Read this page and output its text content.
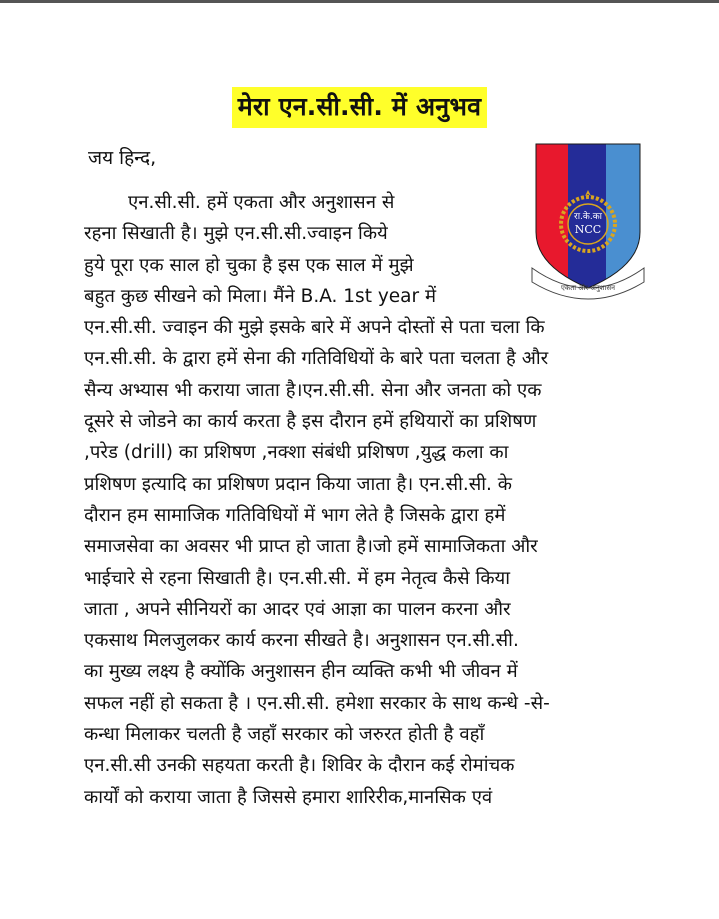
मेरा एन.सी.सी. में अनुभव
जय हिन्द,
रा.के.का
NCC
एकता और अनुशासन
एन.सी.सी. हमें एकता और अनुशासन से
रहना सिखाती है। मुझे एन.सी.सी.ज्वाइन किये
हुये पूरा एक साल हो चुका है इस एक साल में मुझे
बहुत कुछ सीखने को मिला। मैंने B.A. 1st year में
एन.सी.सी. ज्वाइन की मुझे इसके बारे में अपने दोस्तों से पता चला कि
एन.सी.सी. के द्वारा हमें सेना की गतिविधियों के बारे पता चलता है और
सैन्य अभ्यास भी कराया जाता है।एन.सी.सी. सेना और जनता को एक
दूसरे से जोडने का कार्य करता है इस दौरान हमें हथियारों का प्रशिषण
,परेड (drill) का प्रशिषण ,नक्शा संबंधी प्रशिषण ,युद्ध कला का
प्रशिषण इत्यादि का प्रशिषण प्रदान किया जाता है। एन.सी.सी. के
दौरान हम सामाजिक गतिविधियों में भाग लेते है जिसके द्वारा हमें
समाजसेवा का अवसर भी प्राप्त हो जाता है।जो हमें सामाजिकता और
भाईचारे से रहना सिखाती है। एन.सी.सी. में हम नेतृत्व कैसे किया
जाता , अपने सीनियरों का आदर एवं आज्ञा का पालन करना और
एकसाथ मिलजुलकर कार्य करना सीखते है। अनुशासन एन.सी.सी.
का मुख्य लक्ष्य है क्योंकि अनुशासन हीन व्यक्ति कभी भी जीवन में
सफल नहीं हो सकता है । एन.सी.सी. हमेशा सरकार के साथ कन्धे -से-
कन्धा मिलाकर चलती है जहाँ सरकार को जरुरत होती है वहाँ
एन.सी.सी उनकी सहयता करती है। शिविर के दौरान कई रोमांचक
कार्यों को कराया जाता है जिससे हमारा शारिरीक,मानसिक एवं
